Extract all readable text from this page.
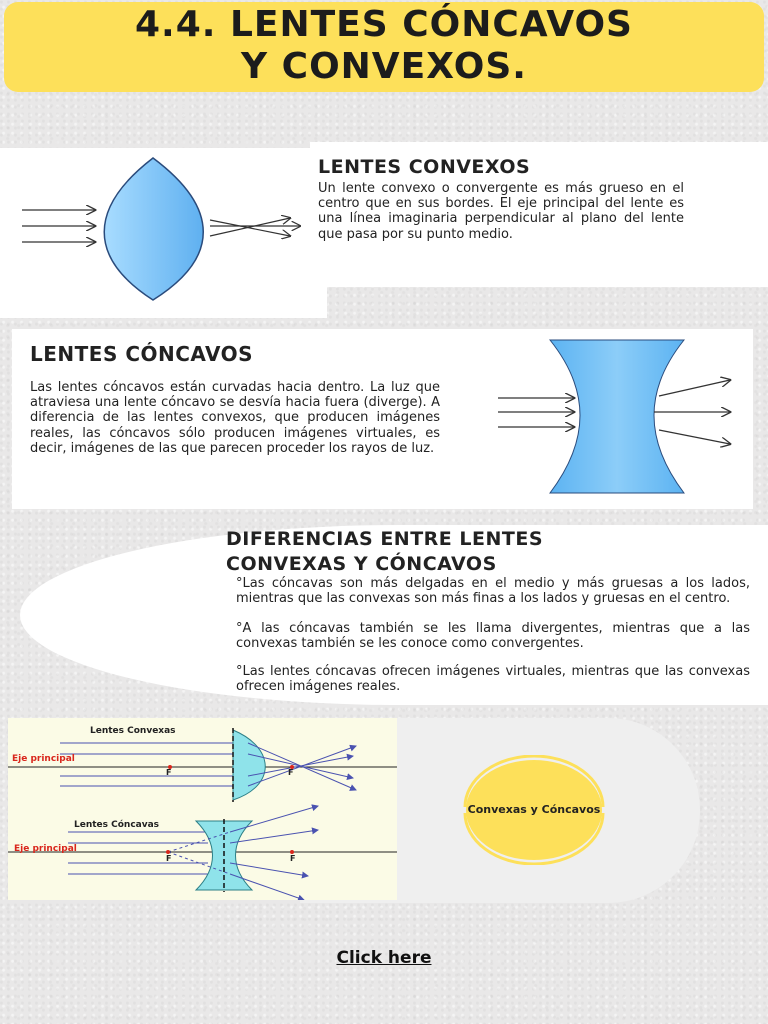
4.4. LENTES CÓNCAVOS
Y CONVEXOS.
LENTES CONVEXOS
Un lente convexo o convergente es más grueso en el centro que en sus bordes. El eje principal del lente es una línea imaginaria perpendicular al plano del lente que pasa por su punto medio.
LENTES CÓNCAVOS
Las lentes cóncavos están curvadas hacia dentro. La luz que atraviesa una lente cóncavo se desvía hacia fuera (diverge). A diferencia de las lentes convexos, que producen imágenes reales, las cóncavos sólo producen imágenes virtuales, es decir, imágenes de las que parecen proceder los rayos de luz.
DIFERENCIAS ENTRE LENTES
CONVEXAS Y CÓNCAVOS
°Las cóncavas son más delgadas en el medio y más gruesas a los lados, mientras que las convexas son más finas a los lados y gruesas en el centro.
°A las cóncavas también se les llama divergentes, mientras que a las convexas también se les conoce como convergentes.
°Las lentes cóncavas ofrecen imágenes virtuales, mientras que las convexas ofrecen imágenes reales.
Lentes Convexas
Eje principal
F	F
Lentes Cóncavas
Eje principal
F	F
Convexas y Cóncavos
Click here
